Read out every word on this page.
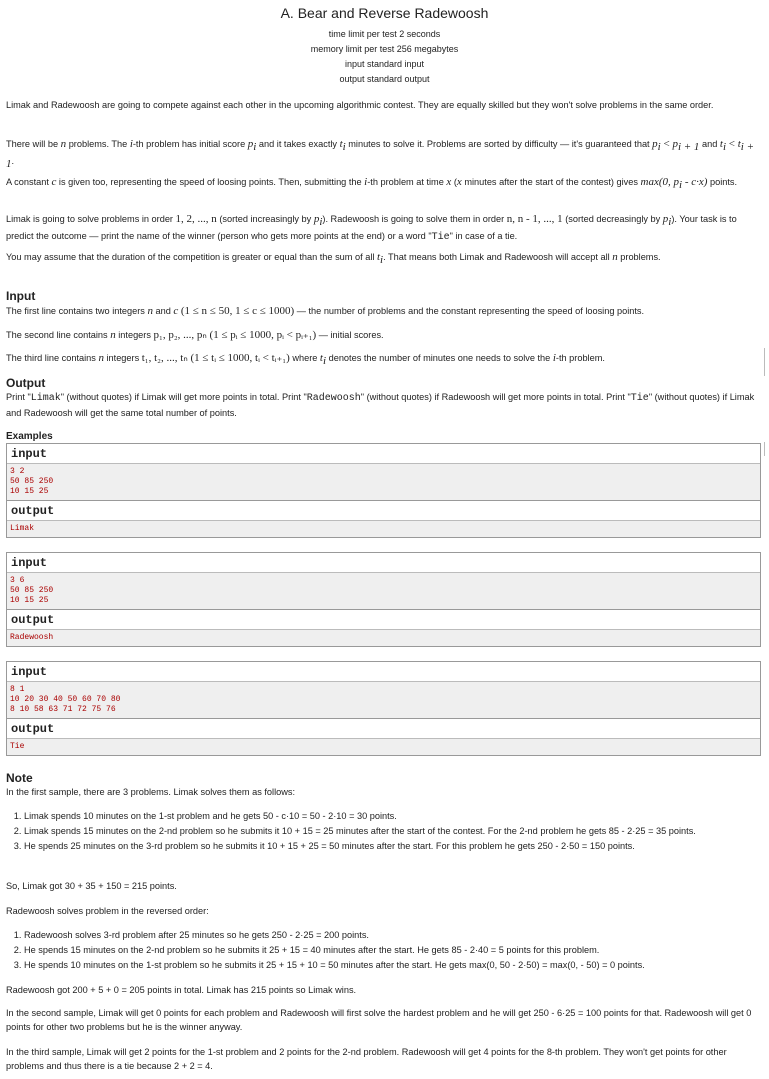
A. Bear and Reverse Radewoosh
time limit per test 2 seconds
memory limit per test 256 megabytes
input standard input
output standard output
Limak and Radewoosh are going to compete against each other in the upcoming algorithmic contest. They are equally skilled but they won't solve problems in the same order.
There will be n problems. The i-th problem has initial score $p_i$ and it takes exactly $t_i$ minutes to solve it. Problems are sorted by difficulty — it's guaranteed that $p_i < p_{i + 1}$ and $t_i < t_{i + 1}$.
A constant c is given too, representing the speed of loosing points. Then, submitting the i-th problem at time x (x minutes after the start of the contest) gives max(0, $p_i - c\cdot x$) points.
Limak is going to solve problems in order 1, 2, ..., n (sorted increasingly by $p_i$). Radewoosh is going to solve them in order n, n - 1, ..., 1 (sorted decreasingly by $p_i$). Your task is to predict the outcome — print the name of the winner (person who gets more points at the end) or a word "Tie" in case of a tie.
You may assume that the duration of the competition is greater or equal than the sum of all $t_i$. That means both Limak and Radewoosh will accept all n problems.
Input
The first line contains two integers n and c (1 ≤ n ≤ 50, 1 ≤ c ≤ 1000) — the number of problems and the constant representing the speed of loosing points.
The second line contains n integers p₁, p₂, ..., pₙ (1 ≤ pᵢ ≤ 1000, pᵢ < pᵢ₊₁) — initial scores.
The third line contains n integers t₁, t₂, ..., tₙ (1 ≤ tᵢ ≤ 1000, tᵢ < tᵢ₊₁) where $t_i$ denotes the number of minutes one needs to solve the i-th problem.
Output
Print "Limak" (without quotes) if Limak will get more points in total. Print "Radewoosh" (without quotes) if Radewoosh will get more points in total. Print "Tie" (without quotes) if Limak and Radewoosh will get the same total number of points.
Examples
input
3 2
50 85 250
10 15 25
output
Limak
input
3 6
50 85 250
10 15 25
output
Radewoosh
input
8 1
10 20 30 40 50 60 70 80
8 10 58 63 71 72 75 76
output
Tie
Note
In the first sample, there are 3 problems. Limak solves them as follows:
1. Limak spends 10 minutes on the 1-st problem and he gets 50 - c·10 = 50 - 2·10 = 30 points.
2. Limak spends 15 minutes on the 2-nd problem so he submits it 10 + 15 = 25 minutes after the start of the contest. For the 2-nd problem he gets 85 - 2·25 = 35 points.
3. He spends 25 minutes on the 3-rd problem so he submits it 10 + 15 + 25 = 50 minutes after the start. For this problem he gets 250 - 2·50 = 150 points.
So, Limak got 30 + 35 + 150 = 215 points.
Radewoosh solves problem in the reversed order:
1. Radewoosh solves 3-rd problem after 25 minutes so he gets 250 - 2·25 = 200 points.
2. He spends 15 minutes on the 2-nd problem so he submits it 25 + 15 = 40 minutes after the start. He gets 85 - 2·40 = 5 points for this problem.
3. He spends 10 minutes on the 1-st problem so he submits it 25 + 15 + 10 = 50 minutes after the start. He gets max(0, 50 - 2·50) = max(0, - 50) = 0 points.
Radewoosh got 200 + 5 + 0 = 205 points in total. Limak has 215 points so Limak wins.
In the second sample, Limak will get 0 points for each problem and Radewoosh will first solve the hardest problem and he will get 250 - 6·25 = 100 points for that. Radewoosh will get 0 points for other two problems but he is the winner anyway.
In the third sample, Limak will get 2 points for the 1-st problem and 2 points for the 2-nd problem. Radewoosh will get 4 points for the 8-th problem. They won't get points for other problems and thus there is a tie because 2 + 2 = 4.
